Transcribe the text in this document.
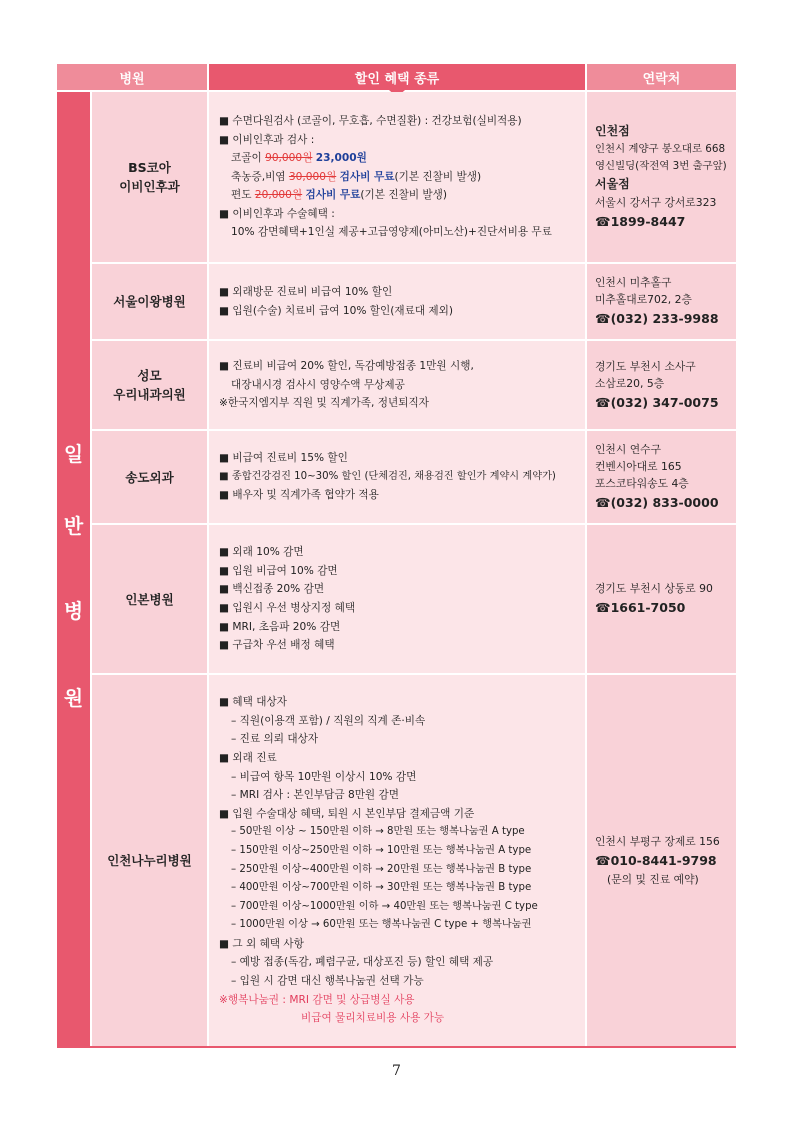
병원	할인 혜택 종류	연락처
일
반
병
원
BS코아
이비인후과
■ 수면다원검사 (코골이, 무호흡, 수면질환) : 건강보험(실비적용)
■ 이비인후과 검사 :
코골이 90,000원 23,000원
축농증,비염 30,000원 검사비 무료(기본 진찰비 발생)
편도 20,000원 검사비 무료(기본 진찰비 발생)
■ 이비인후과 수술혜택 :
10% 감면혜택+1인실 제공+고급영양제(아미노산)+진단서비용 무료
인천점
인천시 계양구 봉오대로 668
영신빌딩(작전역 3번 출구앞)
서울점
서울시 강서구 강서로323
☎1899-8447
서울이왕병원
■ 외래방문 진료비 비급여 10% 할인
■ 입원(수술) 치료비 급여 10% 할인(재료대 제외)
인천시 미추홀구
미추홀대로702, 2층
☎(032) 233-9988
성모
우리내과의원
■ 진료비 비급여 20% 할인, 독감예방접종 1만원 시행,
대장내시경 검사시 영양수액 무상제공
※한국지엠지부 직원 및 직계가족, 정년퇴직자
경기도 부천시 소사구
소삼로20, 5층
☎(032) 347-0075
송도외과
■ 비급여 진료비 15% 할인
■ 종합건강검진 10~30% 할인 (단체검진, 채용검진 할인가 계약시 계약가)
■ 배우자 및 직계가족 협약가 적용
인천시 연수구
컨벤시아대로 165
포스코타워송도 4층
☎(032) 833-0000
인본병원
■ 외래 10% 감면
■ 입원 비급여 10% 감면
■ 백신접종 20% 감면
■ 입원시 우선 병상지정 혜택
■ MRI, 초음파 20% 감면
■ 구급차 우선 배정 혜택
경기도 부천시 상동로 90
☎1661-7050
인천나누리병원
■ 혜택 대상자
– 직원(이용객 포함) / 직원의 직계 존·비속
– 진료 의뢰 대상자
■ 외래 진료
– 비급여 항목 10만원 이상시 10% 감면
– MRI 검사 : 본인부담금 8만원 감면
■ 입원 수술대상 혜택, 퇴원 시 본인부담 결제금액 기준
– 50만원 이상 ~ 150만원 이하 → 8만원 또는 행복나눔권 A type
– 150만원 이상~250만원 이하 → 10만원 또는 행복나눔권 A type
– 250만원 이상~400만원 이하 → 20만원 또는 행복나눔권 B type
– 400만원 이상~700만원 이하 → 30만원 또는 행복나눔권 B type
– 700만원 이상~1000만원 이하 → 40만원 또는 행복나눔권 C type
– 1000만원 이상 → 60만원 또는 행복나눔권 C type + 행복나눔권
■ 그 외 혜택 사항
– 예방 접종(독감, 폐렴구균, 대상포진 등) 할인 혜택 제공
– 입원 시 감면 대신 행복나눔권 선택 가능
※행복나눔권 : MRI 감면 및 상급병실 사용
비급여 물리치료비용 사용 가능
인천시 부평구 장제로 156
☎010-8441-9798
(문의 및 진료 예약)
7
